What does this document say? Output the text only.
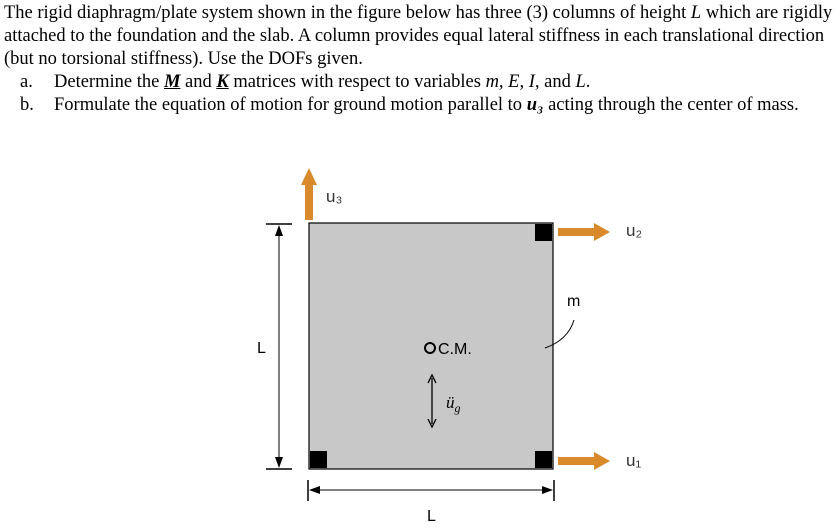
The rigid diaphragm/plate system shown in the figure below has three (3) columns of height L which are rigidly attached to the foundation and the slab. A column provides equal lateral stiffness in each translational direction (but no torsional stiffness). Use the DOFs given.

a.	Determine the M and K matrices with respect to variables m, E, I, and L.
b.	Formulate the equation of motion for ground motion parallel to u₃ acting through the center of mass.
u₃
u₂
u₁
m
C.M.
$ü_g$
L
L
